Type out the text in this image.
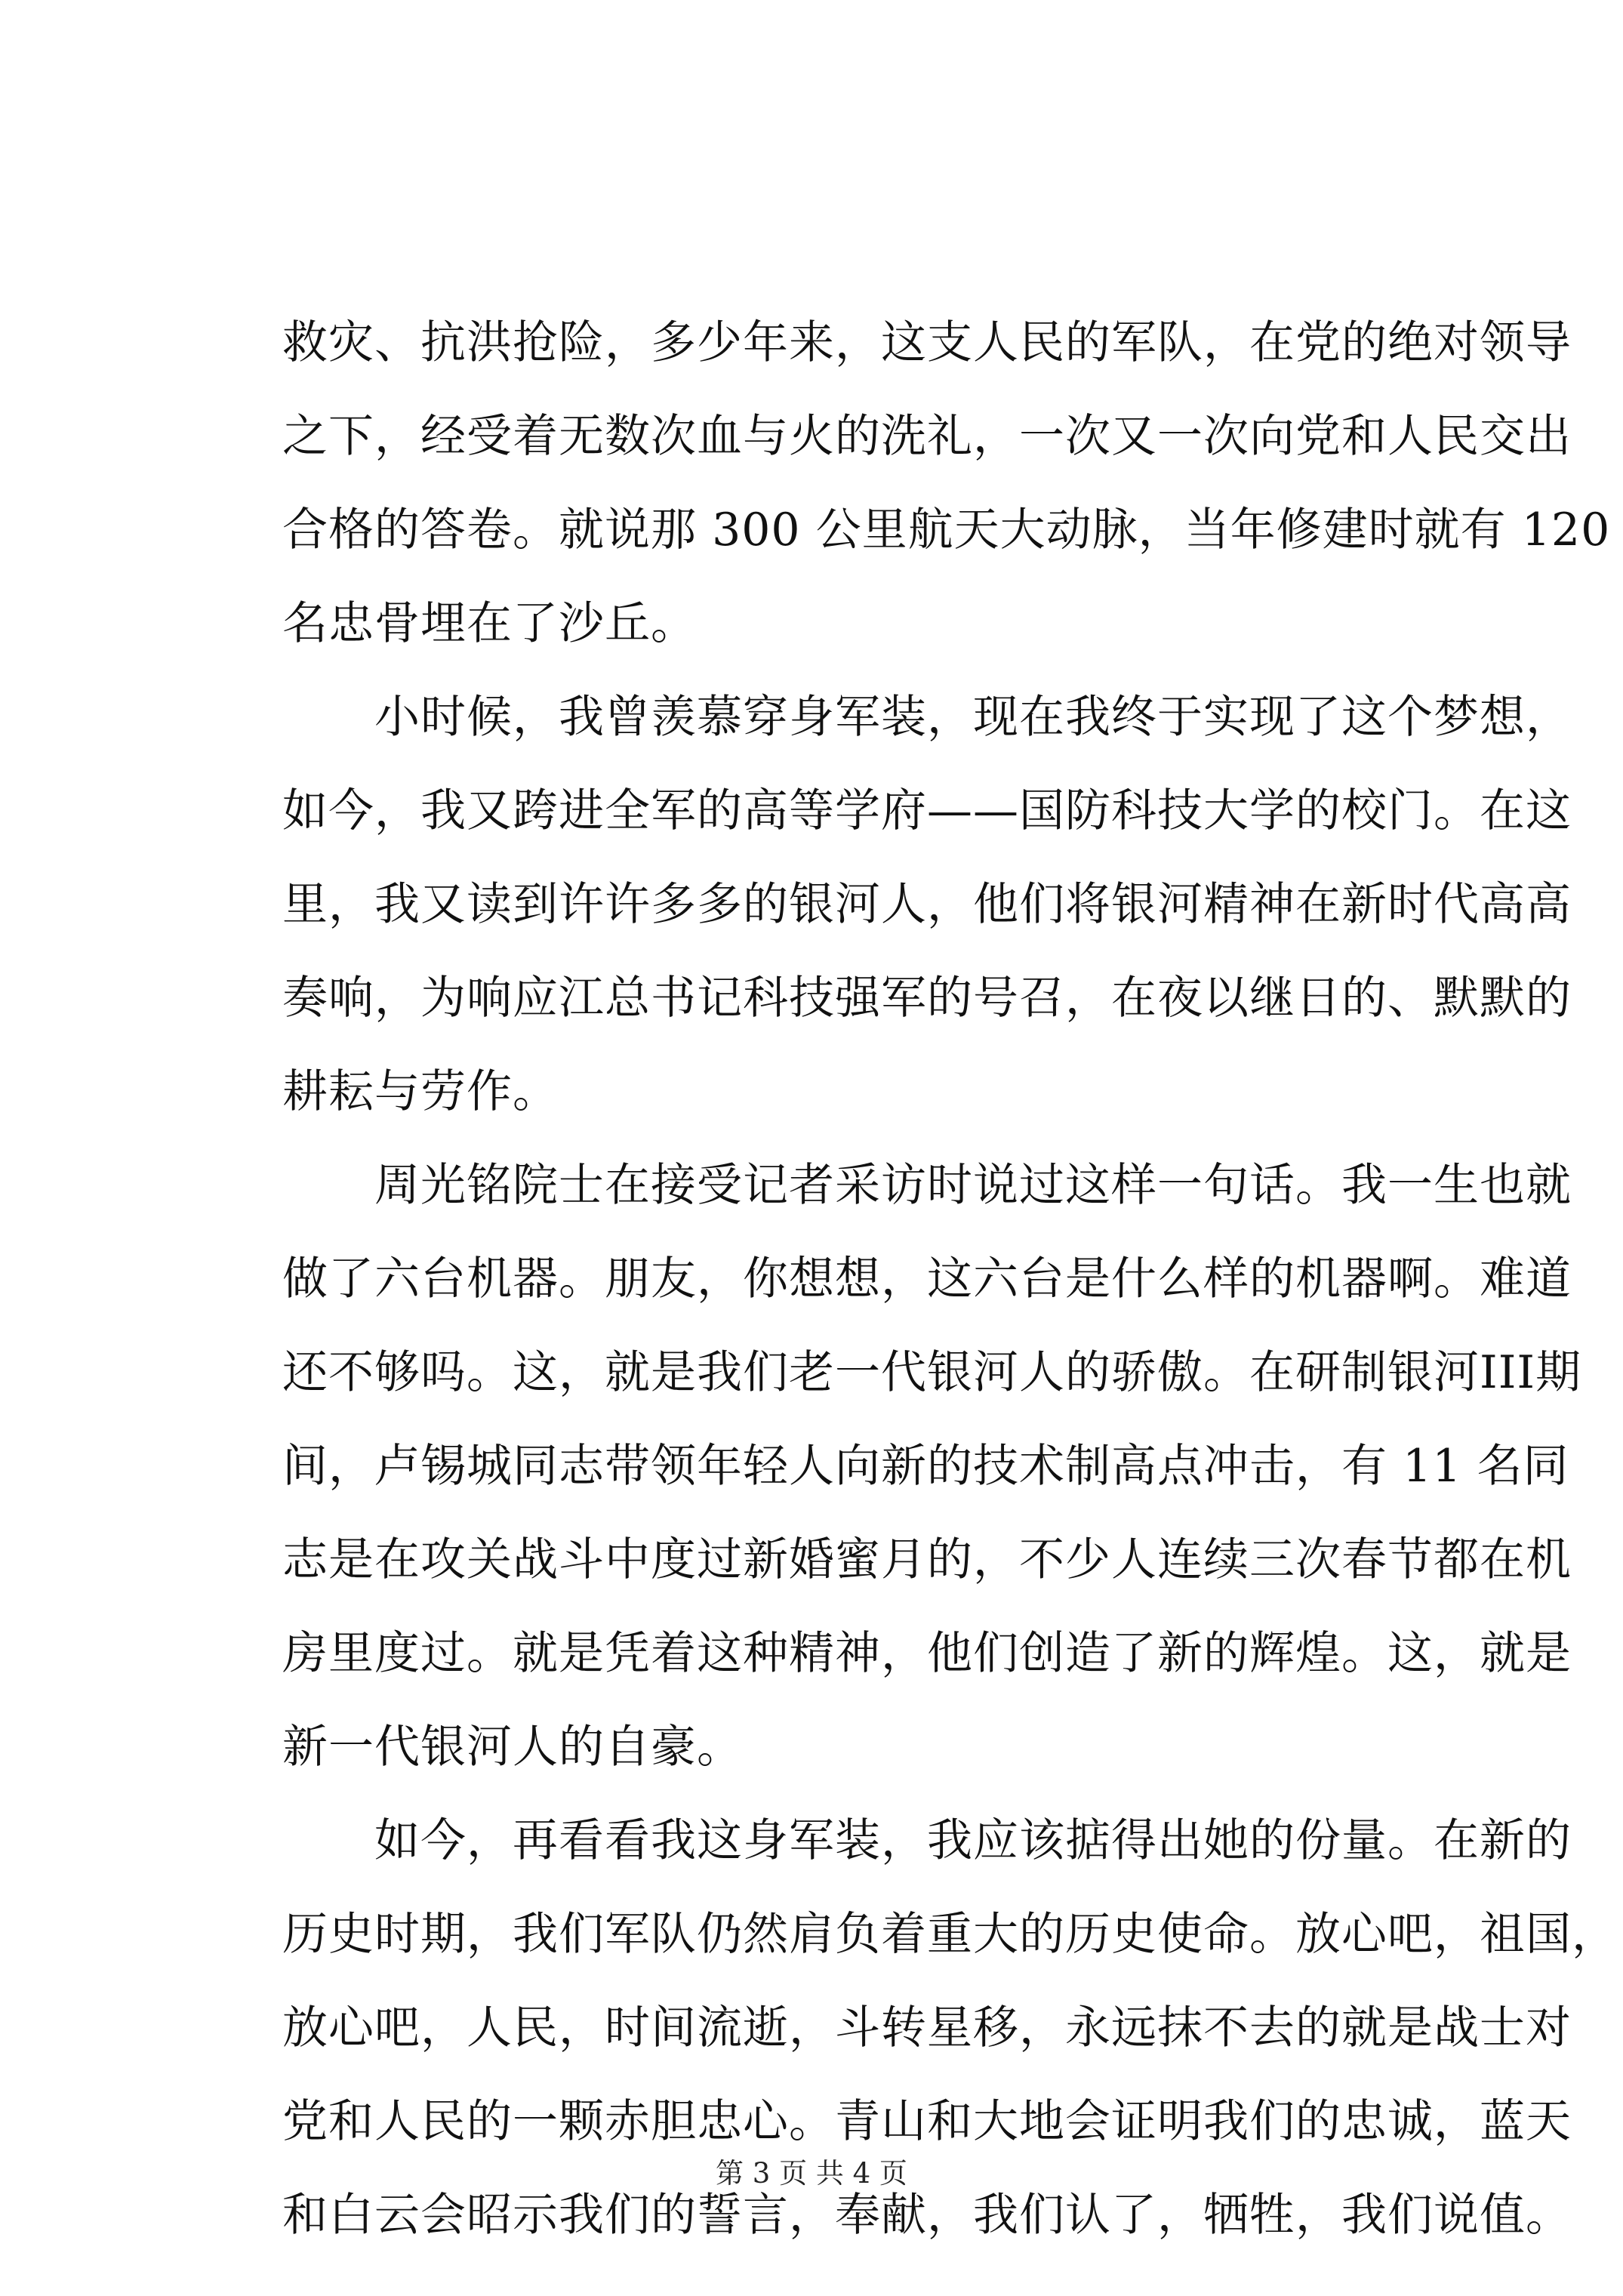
救灾、抗洪抢险，多少年来，这支人民的军队，在党的绝对领导
之下，经受着无数次血与火的洗礼，一次又一次向党和人民交出
合格的答卷。就说那 300 公里航天大动脉，当年修建时就有 120
名忠骨埋在了沙丘。
小时候，我曾羡慕穿身军装，现在我终于实现了这个梦想，
如今，我又跨进全军的高等学府——国防科技大学的校门。在这
里，我又读到许许多多的银河人，他们将银河精神在新时代高高
奏响，为响应江总书记科技强军的号召，在夜以继日的、默默的
耕耘与劳作。
周光铭院士在接受记者采访时说过这样一句话。我一生也就
做了六台机器。朋友，你想想，这六台是什么样的机器啊。难道
还不够吗。这，就是我们老一代银河人的骄傲。在研制银河III期
间，卢锡城同志带领年轻人向新的技术制高点冲击，有 11 名同
志是在攻关战斗中度过新婚蜜月的，不少人连续三次春节都在机
房里度过。就是凭着这种精神，他们创造了新的辉煌。这，就是
新一代银河人的自豪。
如今，再看看我这身军装，我应该掂得出她的份量。在新的
历史时期，我们军队仍然肩负着重大的历史使命。放心吧，祖国，
放心吧，人民，时间流逝，斗转星移，永远抹不去的就是战士对
党和人民的一颗赤胆忠心。青山和大地会证明我们的忠诚，蓝天
和白云会昭示我们的誓言，奉献，我们认了，牺牲，我们说值。
第 3 页 共 4 页
